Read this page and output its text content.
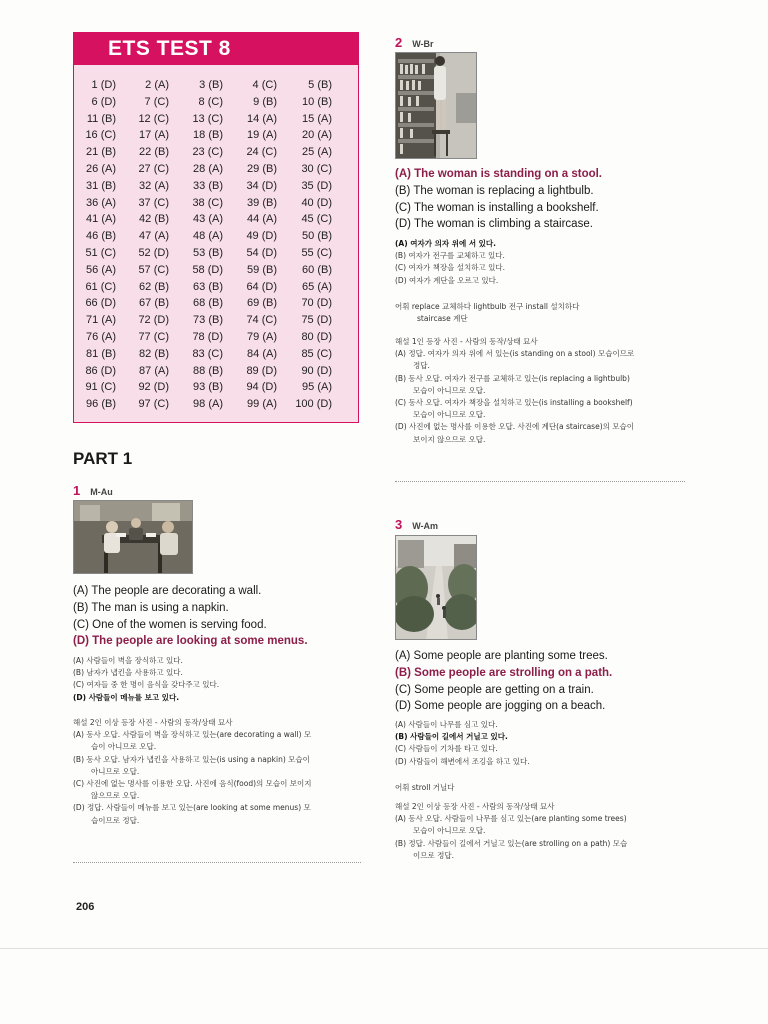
ETS TEST 8
1 (D)	2 (A)	3 (B)	4 (C)	5 (B)
6 (D)	7 (C)	8 (C)	9 (B)	10 (B)
11 (B)	12 (C)	13 (C)	14 (A)	15 (A)
16 (C)	17 (A)	18 (B)	19 (A)	20 (A)
21 (B)	22 (B)	23 (C)	24 (C)	25 (A)
26 (A)	27 (C)	28 (A)	29 (B)	30 (C)
31 (B)	32 (A)	33 (B)	34 (D)	35 (D)
36 (A)	37 (C)	38 (C)	39 (B)	40 (D)
41 (A)	42 (B)	43 (A)	44 (A)	45 (C)
46 (B)	47 (A)	48 (A)	49 (D)	50 (B)
51 (C)	52 (D)	53 (B)	54 (D)	55 (C)
56 (A)	57 (C)	58 (D)	59 (B)	60 (B)
61 (C)	62 (B)	63 (B)	64 (D)	65 (A)
66 (D)	67 (B)	68 (B)	69 (B)	70 (D)
71 (A)	72 (D)	73 (B)	74 (C)	75 (D)
76 (A)	77 (C)	78 (D)	79 (A)	80 (D)
81 (B)	82 (B)	83 (C)	84 (A)	85 (C)
86 (D)	87 (A)	88 (B)	89 (D)	90 (D)
91 (C)	92 (D)	93 (B)	94 (D)	95 (A)
96 (B)	97 (C)	98 (A)	99 (A)	100 (D)
PART 1
1 M-Au
(A) The people are decorating a wall.
(B) The man is using a napkin.
(C) One of the women is serving food.
(D) The people are looking at some menus.
(A) 사람들이 벽을 장식하고 있다.
(B) 남자가 냅킨을 사용하고 있다.
(C) 여자들 중 한 명이 음식을 갖다주고 있다.
(D) 사람들이 메뉴를 보고 있다.
해설 2인 이상 등장 사진 - 사람의 동작/상태 묘사
(A) 동사 오답. 사람들이 벽을 장식하고 있는(are decorating a wall) 모
습이 아니므로 오답.
(B) 동사 오답. 남자가 냅킨을 사용하고 있는(is using a napkin) 모습이
아니므로 오답.
(C) 사진에 없는 명사를 이용한 오답. 사진에 음식(food)의 모습이 보이지
않으므로 오답.
(D) 정답. 사람들이 메뉴를 보고 있는(are looking at some menus) 모
습이므로 정답.
2 W-Br
(A) The woman is standing on a stool.
(B) The woman is replacing a lightbulb.
(C) The woman is installing a bookshelf.
(D) The woman is climbing a staircase.
(A) 여자가 의자 위에 서 있다.
(B) 여자가 전구를 교체하고 있다.
(C) 여자가 책장을 설치하고 있다.
(D) 여자가 계단을 오르고 있다.
어휘 replace 교체하다 lightbulb 전구 install 설치하다
staircase 계단
해설 1인 등장 사진 - 사람의 동작/상태 묘사
(A) 정답. 여자가 의자 위에 서 있는(is standing on a stool) 모습이므로
정답.
(B) 동사 오답. 여자가 전구를 교체하고 있는(is replacing a lightbulb)
모습이 아니므로 오답.
(C) 동사 오답. 여자가 책장을 설치하고 있는(is installing a bookshelf)
모습이 아니므로 오답.
(D) 사진에 없는 명사를 이용한 오답. 사진에 계단(a staircase)의 모습이
보이지 않으므로 오답.
3 W-Am
(A) Some people are planting some trees.
(B) Some people are strolling on a path.
(C) Some people are getting on a train.
(D) Some people are jogging on a beach.
(A) 사람들이 나무를 심고 있다.
(B) 사람들이 길에서 거닐고 있다.
(C) 사람들이 기차를 타고 있다.
(D) 사람들이 해변에서 조깅을 하고 있다.
어휘 stroll 거닐다
해설 2인 이상 등장 사진 - 사람의 동작/상태 묘사
(A) 동사 오답. 사람들이 나무를 심고 있는(are planting some trees)
모습이 아니므로 오답.
(B) 정답. 사람들이 길에서 거닐고 있는(are strolling on a path) 모습
이므로 정답.
206
